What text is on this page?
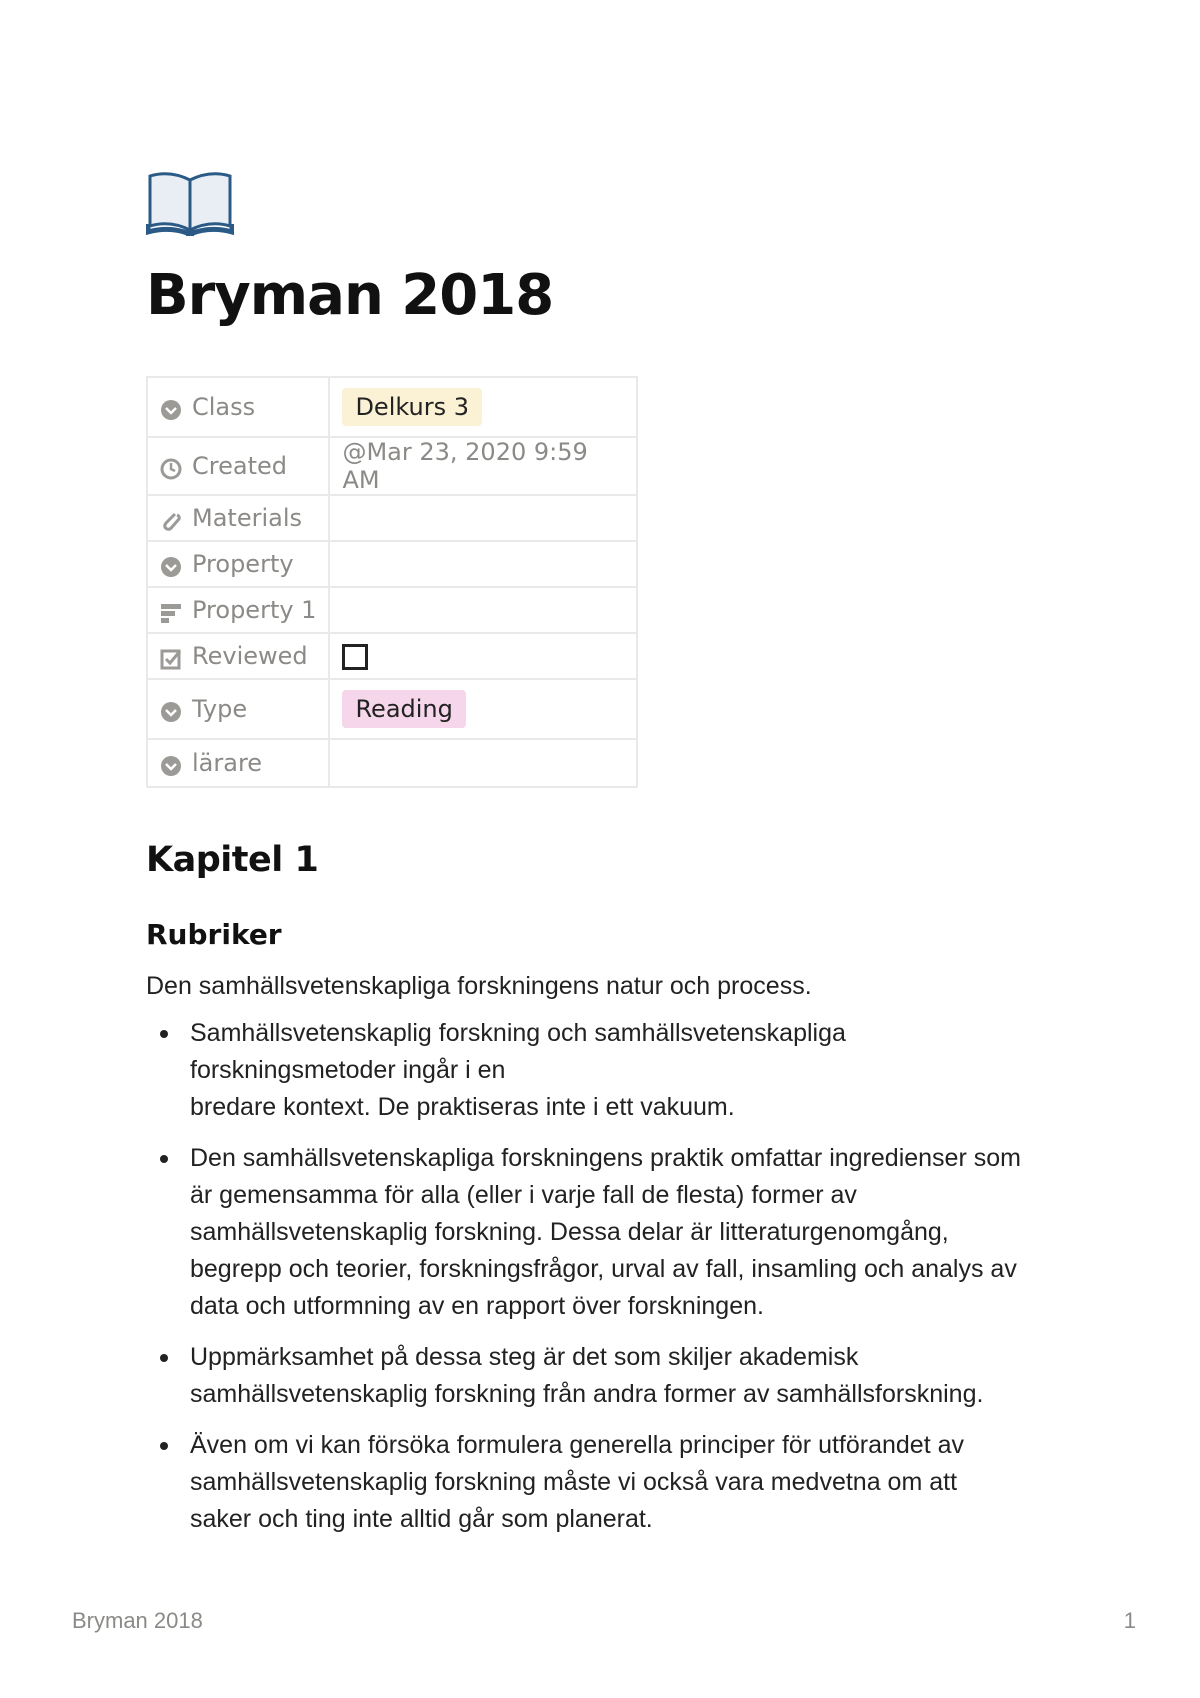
Bryman 2018
Class	Delkurs 3
Created	@Mar 23, 2020 9:59 AM
Materials	
Property	
Property 1	
Reviewed	
Type	Reading
lärare	
Kapitel 1
Rubriker

Den samhällsvetenskapliga forskningens natur och process.

Samhällsvetenskaplig forskning och samhällsvetenskapliga
forskningsmetoder ingår i en
bredare kontext. De praktiseras inte i ett vakuum.
Den samhällsvetenskapliga forskningens praktik omfattar ingredienser som
är gemensamma för alla (eller i varje fall de flesta) former av
samhällsvetenskaplig forskning. Dessa delar är litteraturgenomgång,
begrepp och teorier, forskningsfrågor, urval av fall, insamling och analys av
data och utformning av en rapport över forskningen.
Uppmärksamhet på dessa steg är det som skiljer akademisk
samhällsvetenskaplig forskning från andra former av samhällsforskning.
Även om vi kan försöka formulera generella principer för utförandet av
samhällsvetenskaplig forskning måste vi också vara medvetna om att
saker och ting inte alltid går som planerat.
Bryman 2018	1
